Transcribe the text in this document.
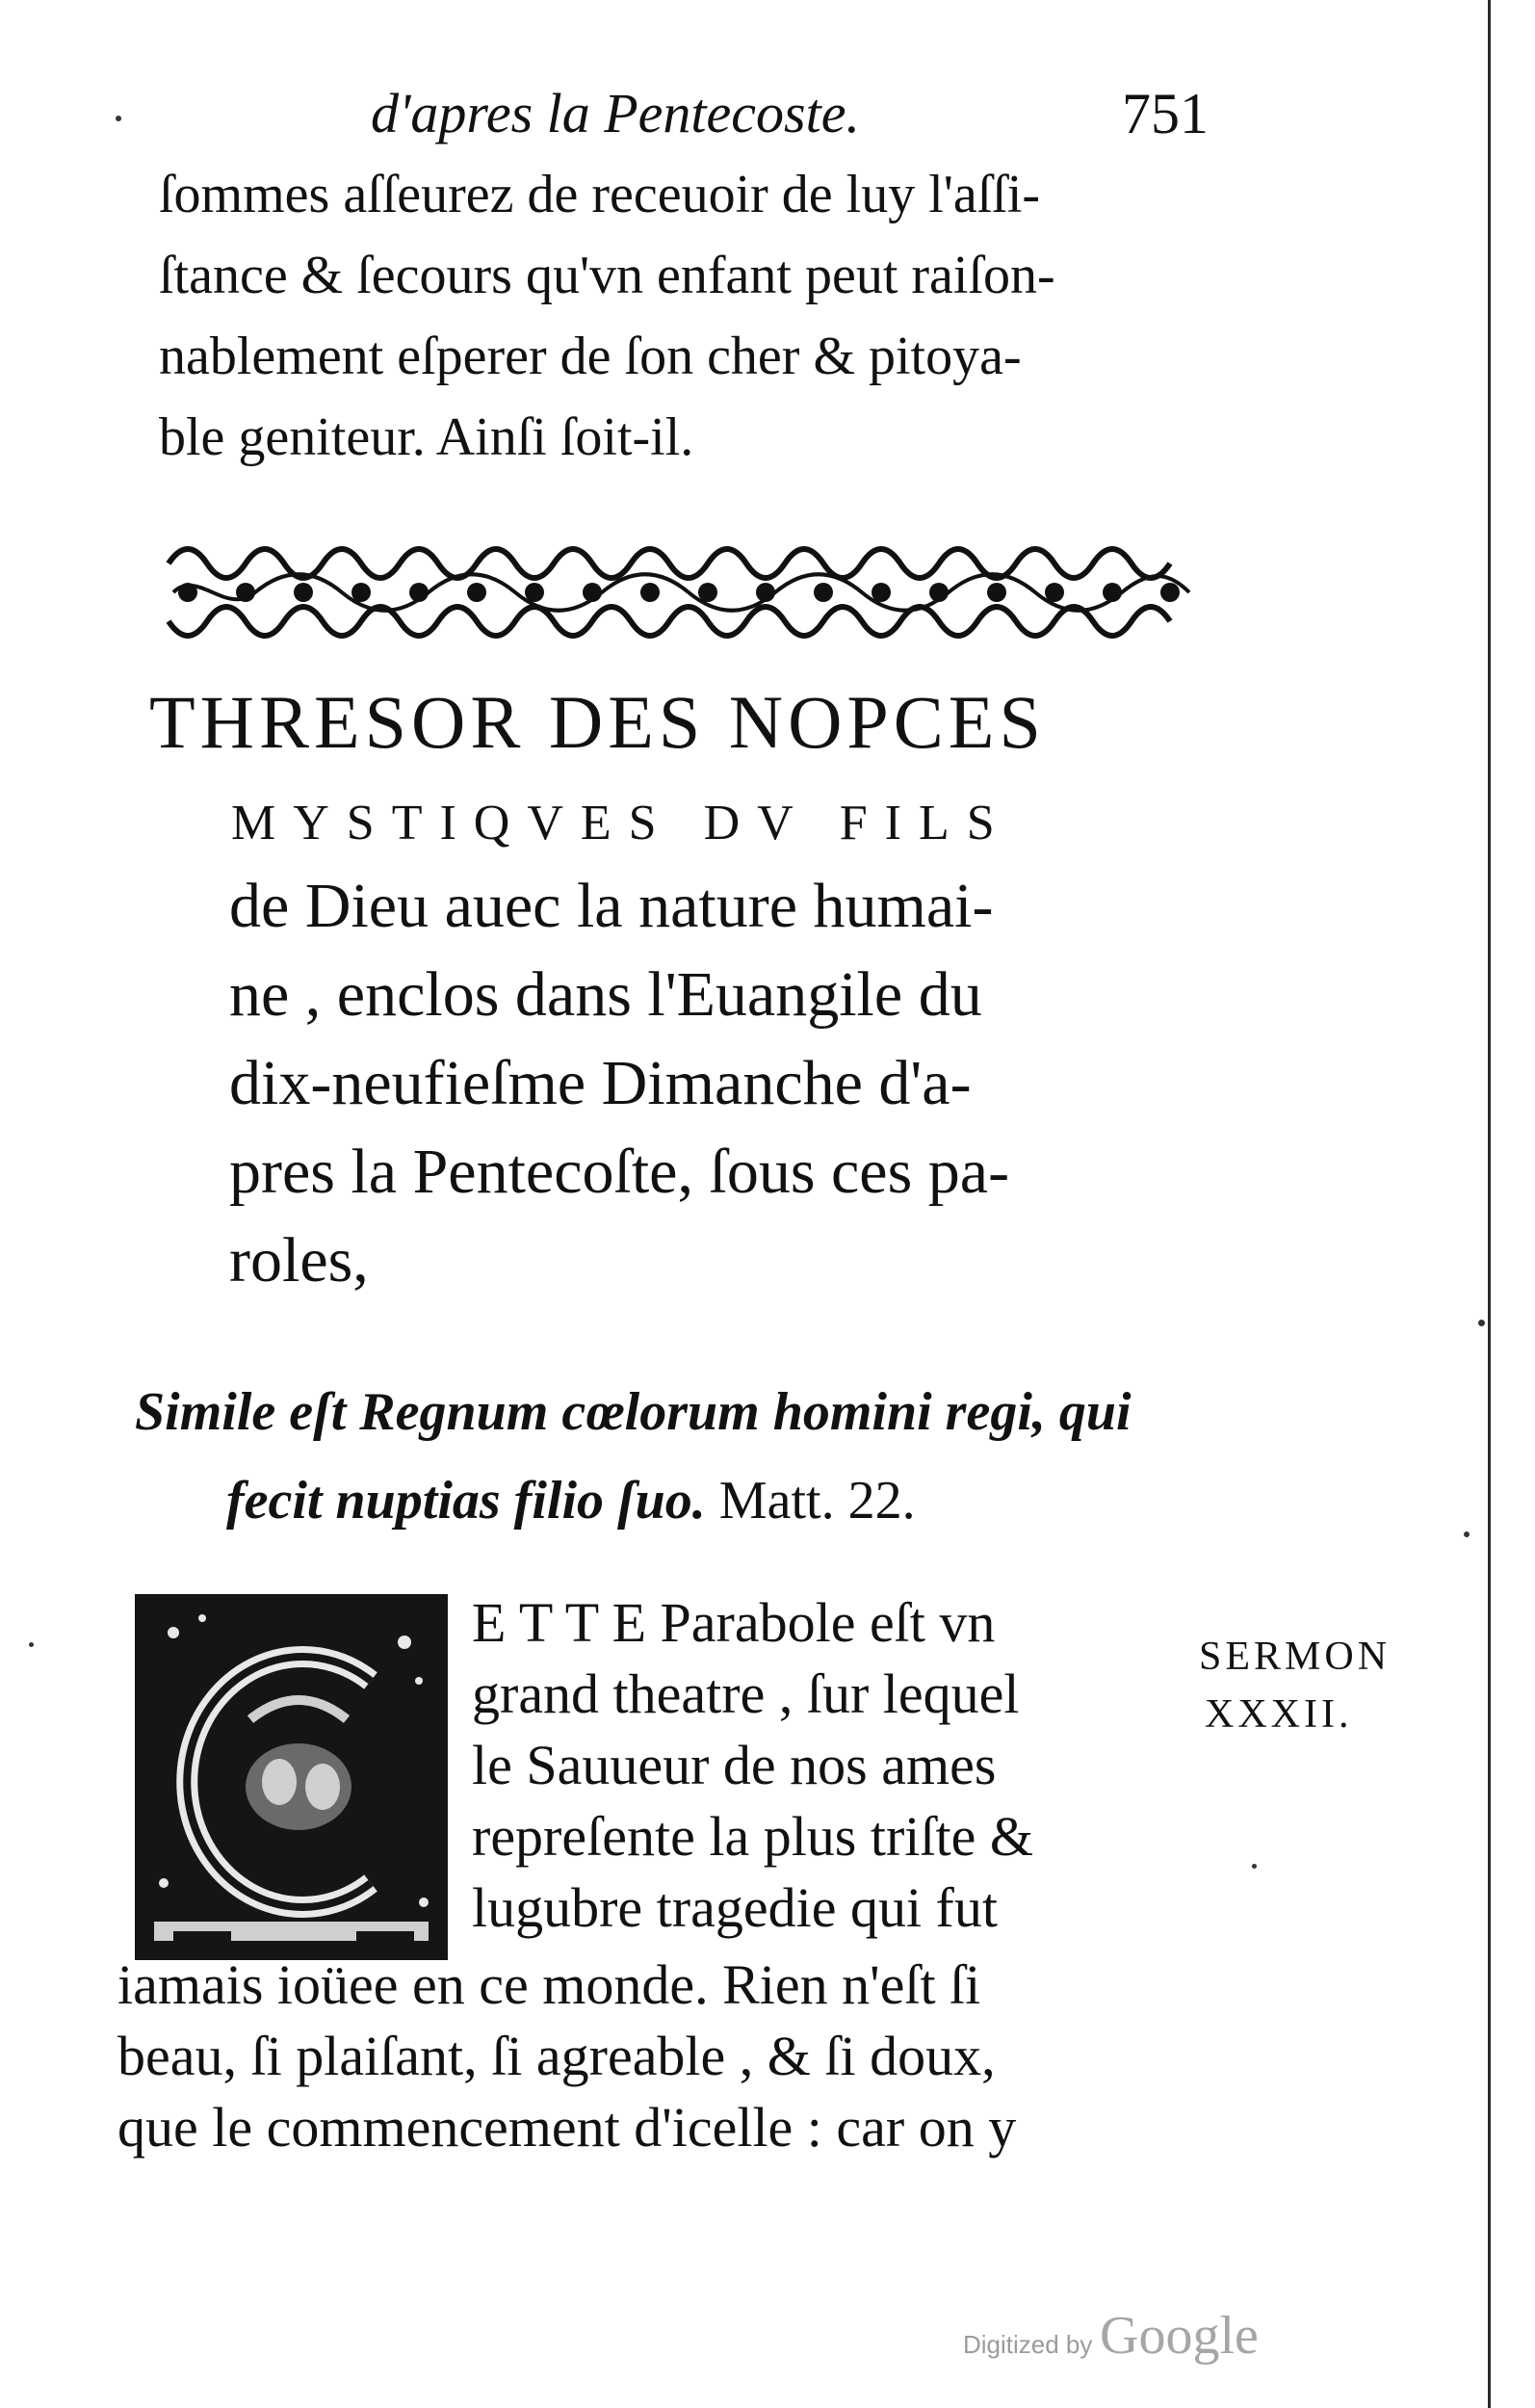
d'apres la Pentecoste.	751
ſommes aſſeurez de receuoir de luy l'aſſi-
ſtance & ſecours qu'vn enfant peut raiſon-
nablement eſperer de ſon cher & pitoya-
ble geniteur. Ainſi ſoit-il.
THRESOR DES NOPCES
MYSTIQVES DV FILS
de Dieu auec la nature humai-
ne , enclos dans l'Euangile du
dix-neufieſme Dimanche d'a-
pres la Pentecoſte, ſous ces pa-
roles,
Simile eſt Regnum cœlorum homini regi, qui
fecit nuptias filio ſuo. Matt. 22.
E T T E Parabole eſt vn
grand theatre , ſur lequel
le Sauueur de nos ames
repreſente la plus triſte &
lugubre tragedie qui fut
iamais ioüee en ce monde. Rien n'eſt ſi
beau, ſi plaiſant, ſi agreable , & ſi doux,
que le commencement d'icelle : car on y
SERMON
XXXII.
Digitized by Google
